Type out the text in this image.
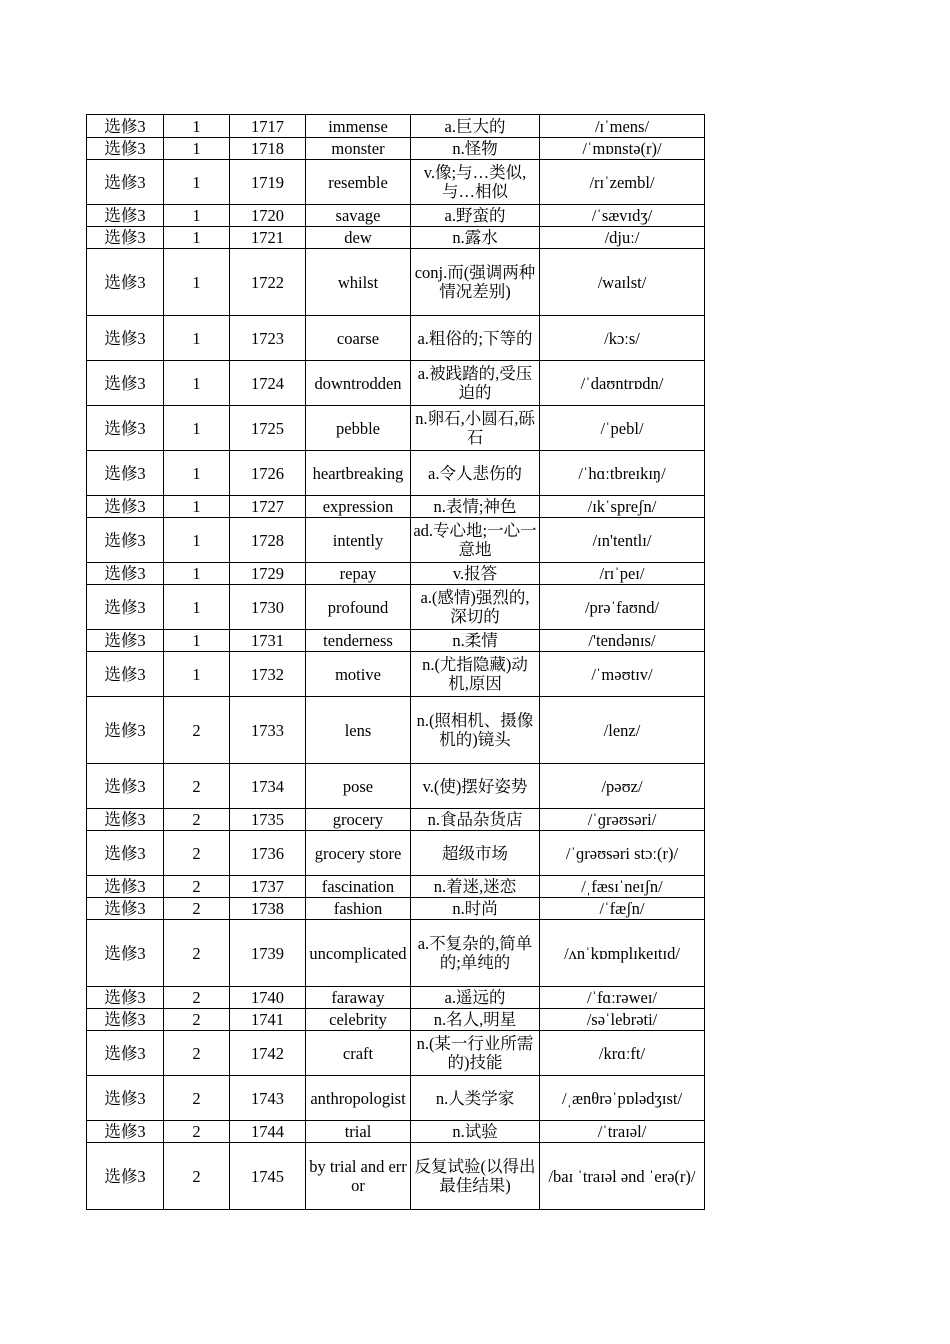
选修3	1	1717	immense	a.巨大的	/ɪˈmens/
选修3	1	1718	monster	n.怪物	/ˈmɒnstə(r)/
选修3	1	1719	resemble	v.像;与…类似,与…相似	/rɪˈzembl/
选修3	1	1720	savage	a.野蛮的	/ˈsævɪdʒ/
选修3	1	1721	dew	n.露水	/djuː/
选修3	1	1722	whilst	conj.而(强调两种情况差别)	/waɪlst/
选修3	1	1723	coarse	a.粗俗的;下等的	/kɔːs/
选修3	1	1724	downtrodden	a.被践踏的,受压迫的	/ˈdaʊntrɒdn/
选修3	1	1725	pebble	n.卵石,小圆石,砾石	/ˈpebl/
选修3	1	1726	heartbreaking	a.令人悲伤的	/ˈhɑːtbreɪkɪŋ/
选修3	1	1727	expression	n.表情;神色	/ɪkˈspreʃn/
选修3	1	1728	intently	ad.专心地;一心一意地	/ɪn'tentlɪ/
选修3	1	1729	repay	v.报答	/rɪˈpeɪ/
选修3	1	1730	profound	a.(感情)强烈的,深切的	/prəˈfaʊnd/
选修3	1	1731	tenderness	n.柔情	/'tendənɪs/
选修3	1	1732	motive	n.(尤指隐藏)动机,原因	/ˈməʊtɪv/
选修3	2	1733	lens	n.(照相机、摄像机的)镜头	/lenz/
选修3	2	1734	pose	v.(使)摆好姿势	/pəʊz/
选修3	2	1735	grocery	n.食品杂货店	/ˈɡrəʊsəri/
选修3	2	1736	grocery store	超级市场	/ˈɡrəʊsəri stɔː(r)/
选修3	2	1737	fascination	n.着迷,迷恋	/ˌfæsɪˈneɪʃn/
选修3	2	1738	fashion	n.时尚	/ˈfæʃn/
选修3	2	1739	uncomplicated	a.不复杂的,简单的;单纯的	/ʌnˈkɒmplɪkeɪtɪd/
选修3	2	1740	faraway	a.遥远的	/ˈfɑːrəweɪ/
选修3	2	1741	celebrity	n.名人,明星	/səˈlebrəti/
选修3	2	1742	craft	n.(某一行业所需的)技能	/krɑːft/
选修3	2	1743	anthropologist	n.人类学家	/ˌænθrəˈpɒlədʒɪst/
选修3	2	1744	trial	n.试验	/ˈtraɪəl/
选修3	2	1745	by trial and error	反复试验(以得出最佳结果)	/baɪ ˈtraɪəl ənd ˈerə(r)/
